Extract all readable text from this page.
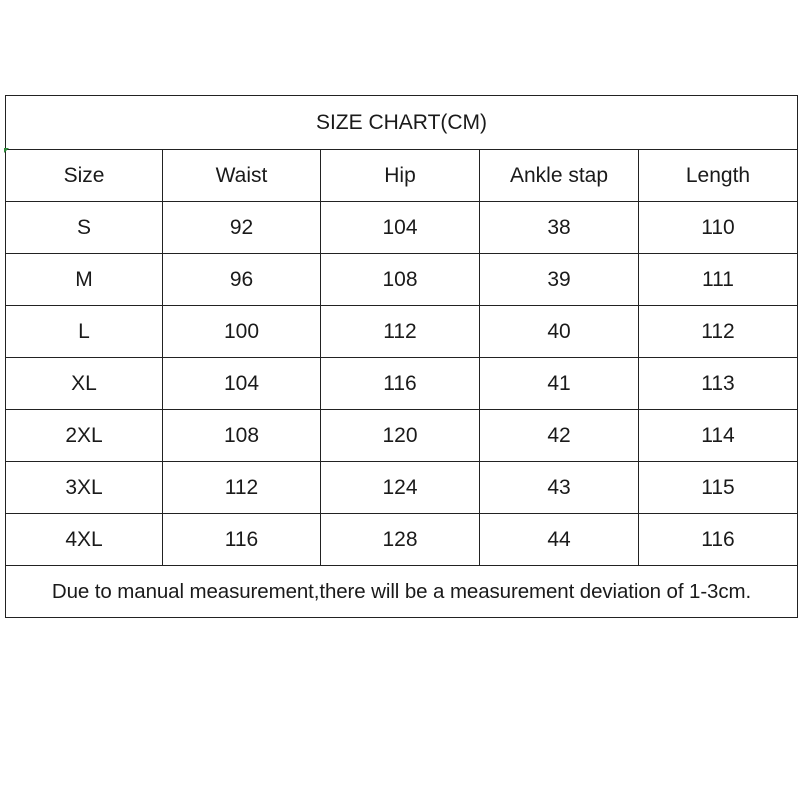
SIZE CHART(CM)				
Size	Waist	Hip	Ankle stap	Length
S	92	104	38	110
M	96	108	39	111
L	100	112	40	112
XL	104	116	41	113
2XL	108	120	42	114
3XL	112	124	43	115
4XL	116	128	44	116
Due to manual measurement,there will be a measurement deviation of 1-3cm.				
